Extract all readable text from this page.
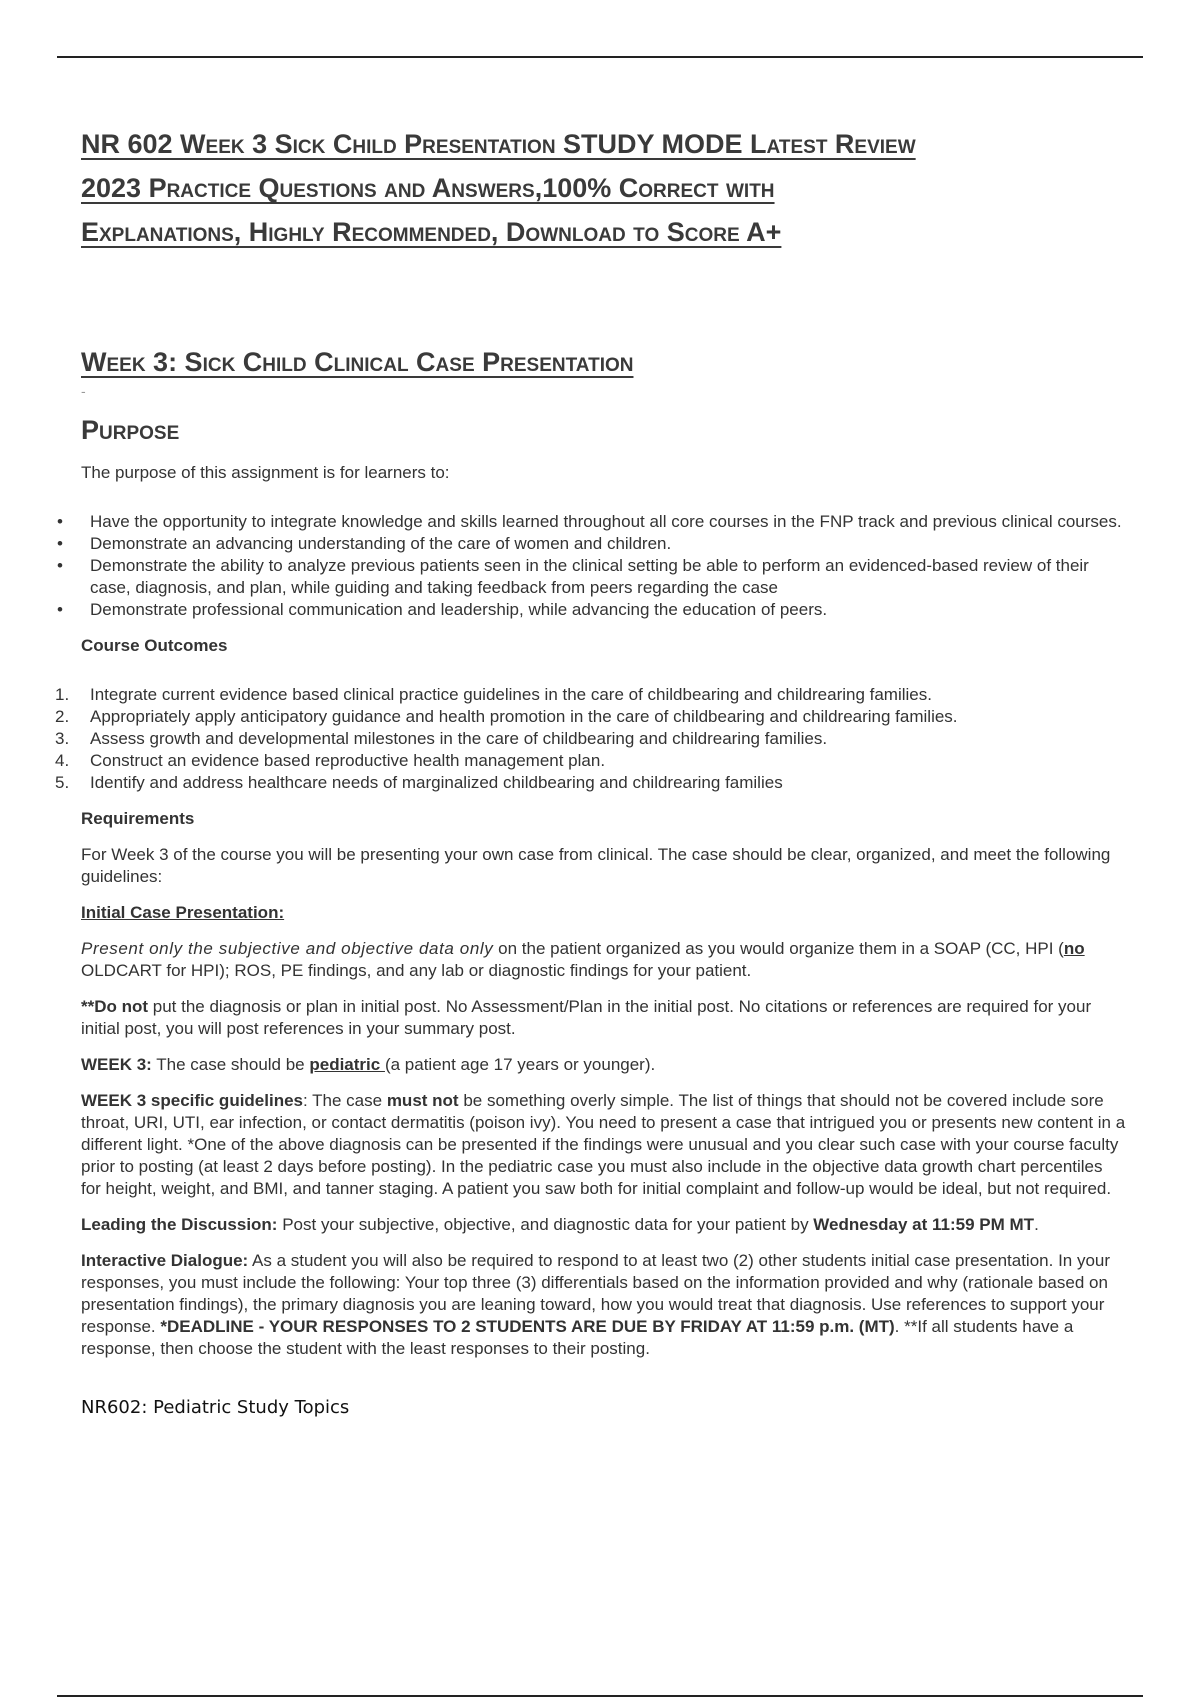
NR 602 Week 3 Sick Child Presentation STUDY MODE Latest Review
2023 Practice Questions and Answers,100% Correct with
Explanations, Highly Recommended, Download to Score A+
Week 3: Sick Child Clinical Case Presentation
-
Purpose

The purpose of this assignment is for learners to:

•	Have the opportunity to integrate knowledge and skills learned throughout all core courses in the FNP track and previous clinical courses.
•	Demonstrate an advancing understanding of the care of women and children.
•	Demonstrate the ability to analyze previous patients seen in the clinical setting be able to perform an evidenced-based review of their case, diagnosis, and plan, while guiding and taking feedback from peers regarding the case
•	Demonstrate professional communication and leadership, while advancing the education of peers.
Course Outcomes
1.	Integrate current evidence based clinical practice guidelines in the care of childbearing and childrearing families.
2.	Appropriately apply anticipatory guidance and health promotion in the care of childbearing and childrearing families.
3.	Assess growth and developmental milestones in the care of childbearing and childrearing families.
4.	Construct an evidence based reproductive health management plan.
5.	Identify and address healthcare needs of marginalized childbearing and childrearing families
Requirements

For Week 3 of the course you will be presenting your own case from clinical. The case should be clear, organized, and meet the following guidelines:

Initial Case Presentation:

Present only the subjective and objective data only on the patient organized as you would organize them in a SOAP (CC, HPI (no OLDCART for HPI); ROS, PE findings, and any lab or diagnostic findings for your patient.

**Do not put the diagnosis or plan in initial post. No Assessment/Plan in the initial post. No citations or references are required for your initial post, you will post references in your summary post.

WEEK 3: The case should be pediatric (a patient age 17 years or younger).

WEEK 3 specific guidelines: The case must not be something overly simple. The list of things that should not be covered include sore throat, URI, UTI, ear infection, or contact dermatitis (poison ivy). You need to present a case that intrigued you or presents new content in a different light. *One of the above diagnosis can be presented if the findings were unusual and you clear such case with your course faculty prior to posting (at least 2 days before posting). In the pediatric case you must also include in the objective data growth chart percentiles for height, weight, and BMI, and tanner staging. A patient you saw both for initial complaint and follow-up would be ideal, but not required.

Leading the Discussion: Post your subjective, objective, and diagnostic data for your patient by Wednesday at 11:59 PM MT.

Interactive Dialogue: As a student you will also be required to respond to at least two (2) other students initial case presentation. In your responses, you must include the following: Your top three (3) differentials based on the information provided and why (rationale based on presentation findings), the primary diagnosis you are leaning toward, how you would treat that diagnosis. Use references to support your response. *DEADLINE - YOUR RESPONSES TO 2 STUDENTS ARE DUE BY FRIDAY AT 11:59 p.m. (MT). **If all students have a response, then choose the student with the least responses to their posting.

NR602: Pediatric Study Topics
